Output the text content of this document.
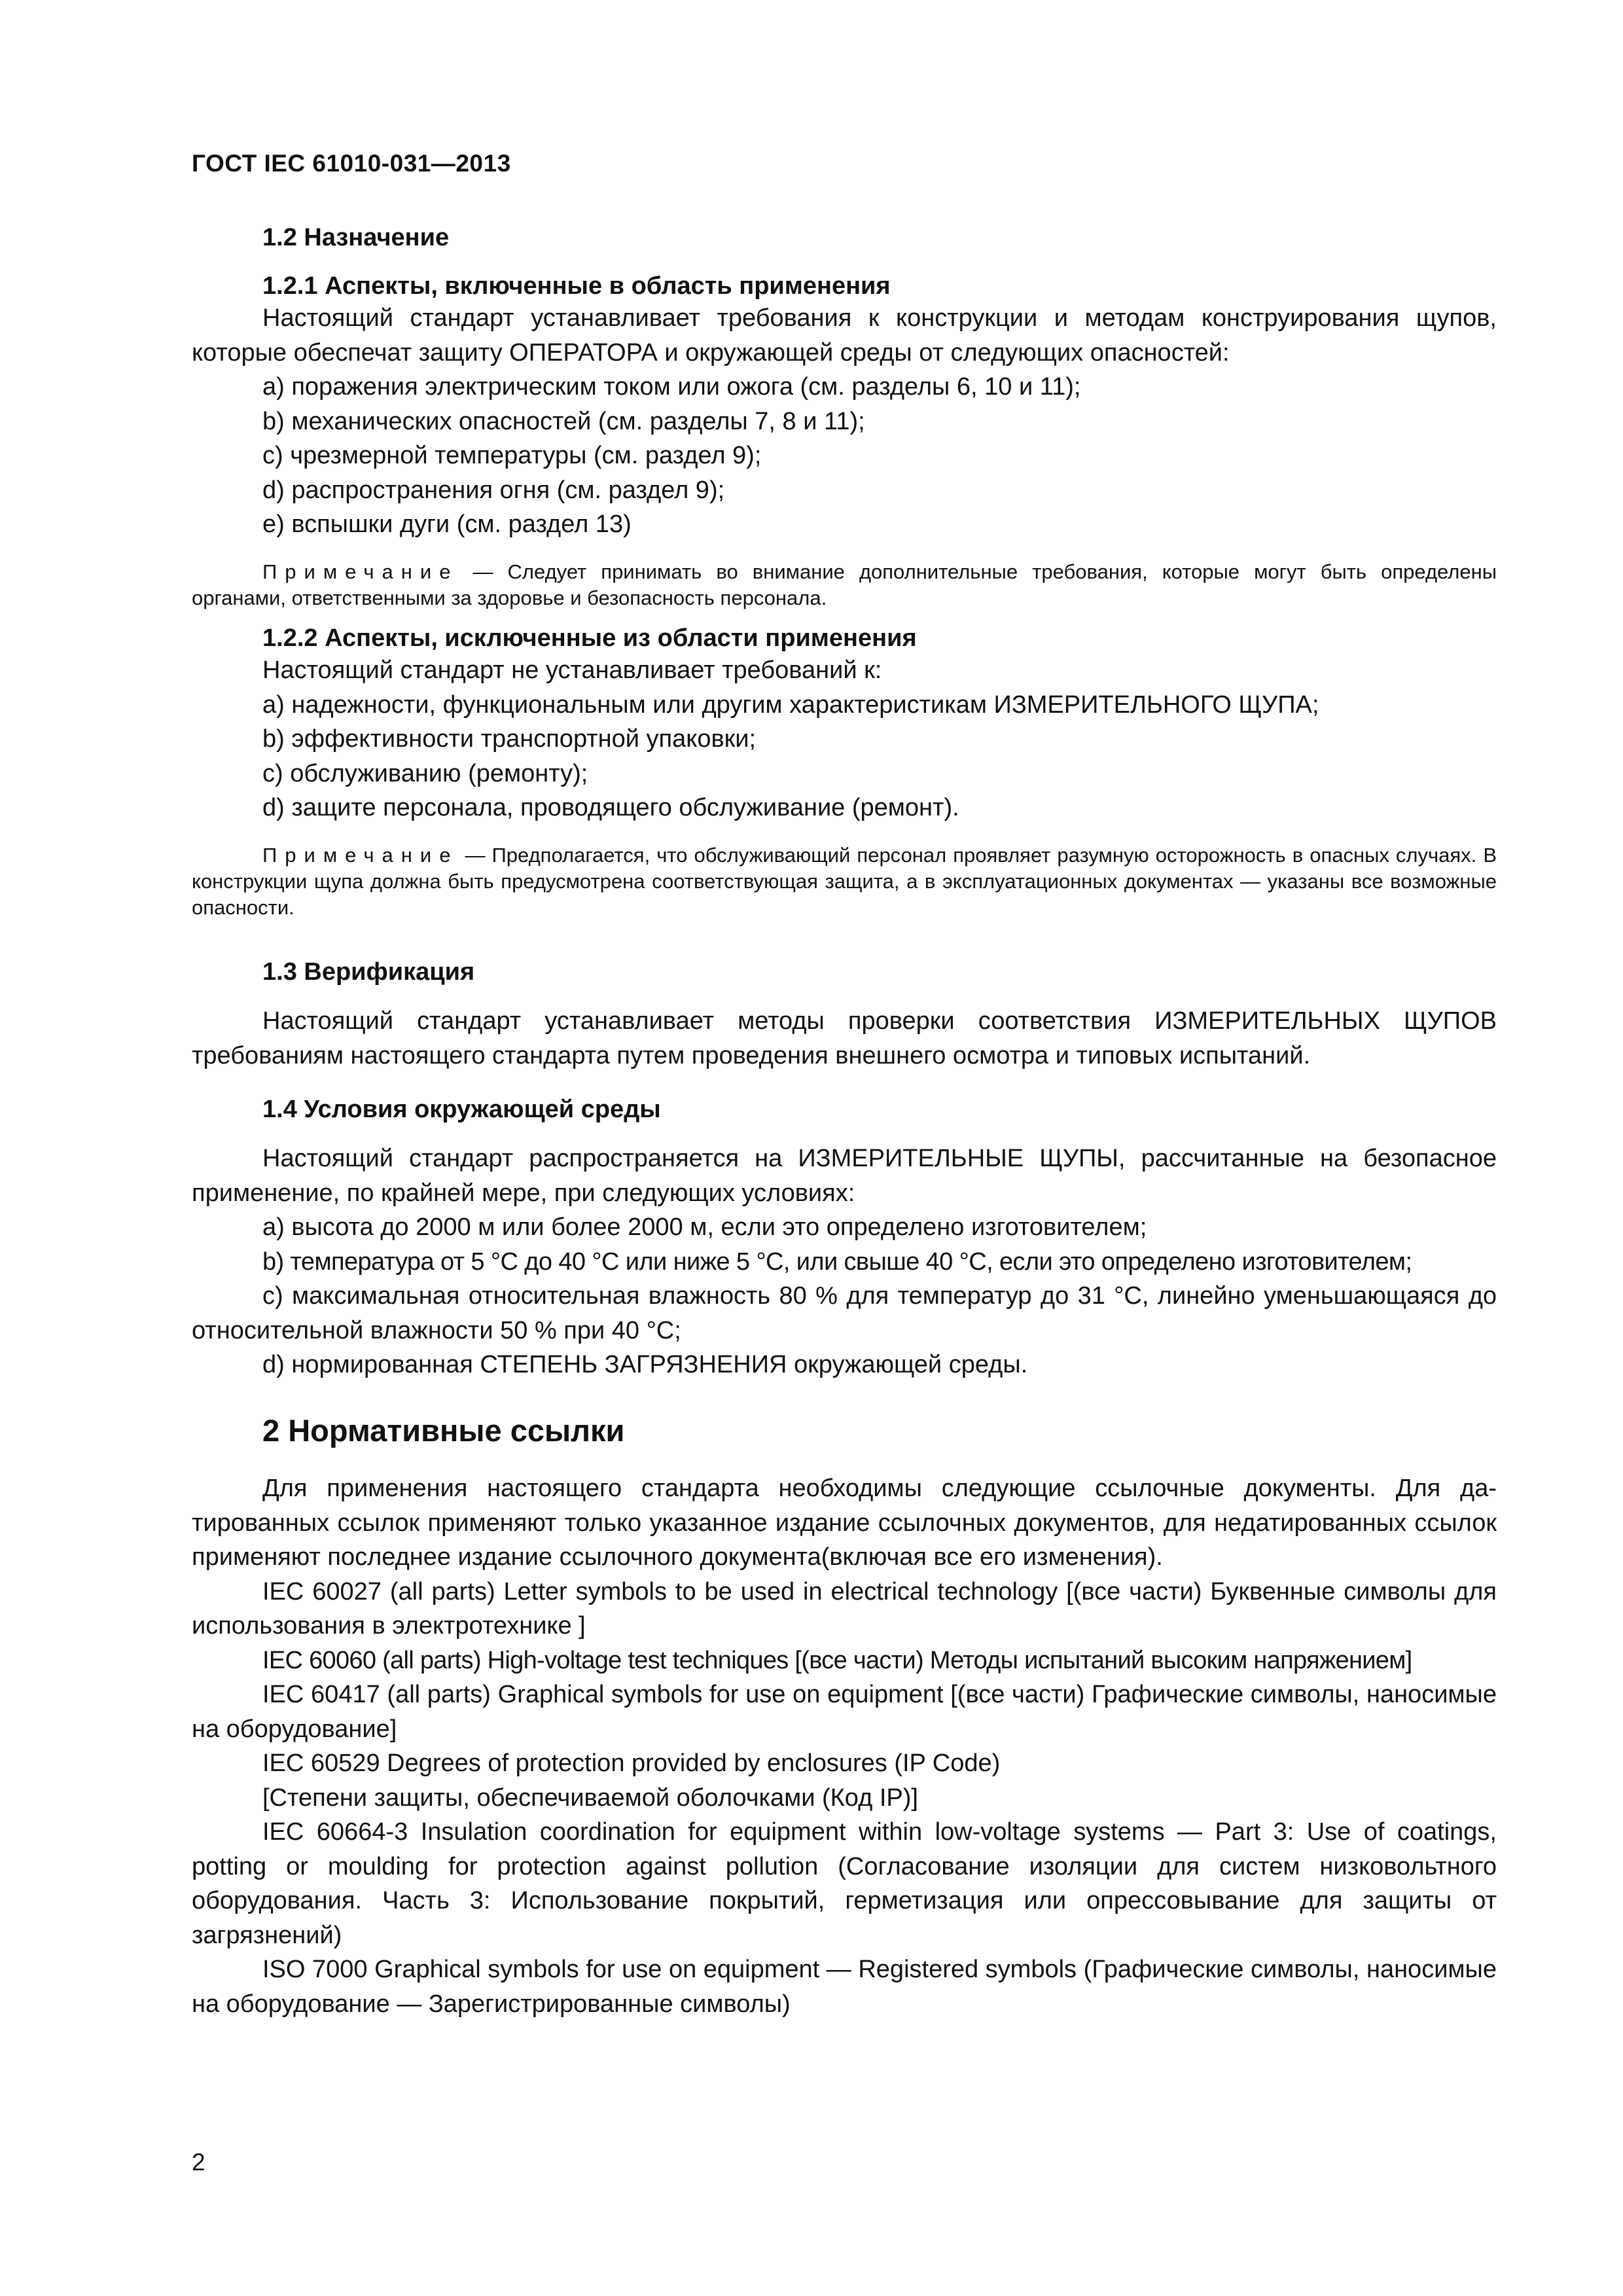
ГОСТ IEC 61010-031—2013
1.2 Назначение
1.2.1 Аспекты, включенные в область применения

Настоящий стандарт устанавливает требования к конструкции и методам конструирования щупов, которые обеспечат защиту ОПЕРАТОРА и окружающей среды от следующих опасностей:

a) поражения электрическим током или ожога (см. разделы 6, 10 и 11);
b) механических опасностей (см. разделы 7, 8 и 11);
c) чрезмерной температуры (см. раздел 9);
d) распространения огня (см. раздел 9);
e) вспышки дуги (см. раздел 13)

Примечание — Следует принимать во внимание дополнительные требования, которые могут быть определены органами, ответственными за здоровье и безопасность персонала.

1.2.2 Аспекты, исключенные из области применения

Настоящий стандарт не устанавливает требований к:

a) надежности, функциональным или другим характеристикам ИЗМЕРИТЕЛЬНОГО ЩУПА;
b) эффективности транспортной упаковки;
c) обслуживанию (ремонту);
d) защите персонала, проводящего обслуживание (ремонт).

Примечание — Предполагается, что обслуживающий персонал проявляет разумную осторожность в опасных случаях. В конструкции щупа должна быть предусмотрена соответствующая защита, а в эксплуатационных документах — указаны все возможные опасности.

1.3 Верификация

Настоящий стандарт устанавливает методы проверки соответствия ИЗМЕРИТЕЛЬНЫХ ЩУПОВ требованиям настоящего стандарта путем проведения внешнего осмотра и типовых испытаний.

1.4 Условия окружающей среды

Настоящий стандарт распространяется на ИЗМЕРИТЕЛЬНЫЕ ЩУПЫ, рассчитанные на безопасное применение, по крайней мере, при следующих условиях:

a) высота до 2000 м или более 2000 м, если это определено изготовителем;
b) температура от 5 °С до 40 °С или ниже 5 °С, или свыше 40 °С, если это определено изготовителем;

c) максимальная относительная влажность 80 % для температур до 31 °С, линейно уменьшающаяся до относительной влажности 50 % при 40 °С;

d) нормированная СТЕПЕНЬ ЗАГРЯЗНЕНИЯ окружающей среды.
2 Нормативные ссылки

Для применения настоящего стандарта необходимы следующие ссылочные документы. Для датированных ссылок применяют только указанное издание ссылочных документов, для недатированных ссылок применяют последнее издание ссылочного документа(включая все его изменения).

IEC 60027 (all parts) Letter symbols to be used in electrical technology [(все части) Буквенные символы для использования в электротехнике ]

IEC 60060 (all parts) High-voltage test techniques [(все части) Методы испытаний высоким напряжением]

IEC 60417 (all parts) Graphical symbols for use on equipment [(все части) Графические символы, наносимые на оборудование]

IEC 60529 Degrees of protection provided by enclosures (IP Code)

[Степени защиты, обеспечиваемой оболочками (Код IP)]

IEC 60664-3 Insulation coordination for equipment within low-voltage systems — Part 3: Use of coatings, potting or moulding for protection against pollution (Согласование изоляции для систем низковольтного оборудования. Часть 3: Использование покрытий, герметизация или опрессовывание для защиты от загрязнений)

ISO 7000 Graphical symbols for use on equipment — Registered symbols (Графические символы, наносимые на оборудование — Зарегистрированные символы)

2
